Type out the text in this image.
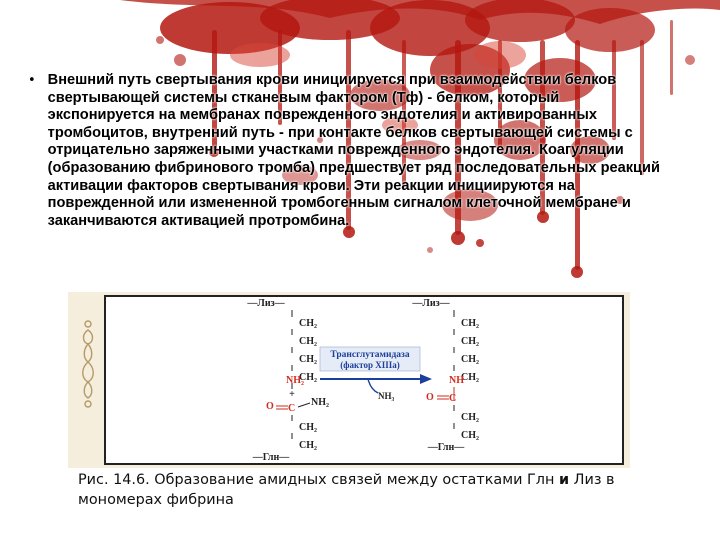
• Внешний путь свертывания крови инициируется при взаимодействии белков свертывающей системы стканевым фактором (Тф) - белком, который экспонируется на мембранах поврежденного эндотелия и активированных тромбоцитов, внутренний путь - при контакте белков свертывающей системы с отрицательно заряженными участками поврежденного эндотелия. Коагуляции (образованию фибринового тромба) предшествует ряд последовательных реакций активации факторов свертывания крови. Эти реакции инициируются на поврежденной или измененной тромбогенным сигналом клеточной мембране и заканчиваются активацией протромбина.
—Лиз—
CH₂
CH₂
CH₂
CH₂
NH₂
+
O C
NH₂
CH₂
CH₂
—Глн—
Трансглутамидаза
(фактор XIIIa)
NH₃
—Лиз—
CH₂
CH₂
CH₂
CH₂
NH
O C
CH₂
CH₂
—Глн—
Рис. 14.6. Образование амидных связей между остатками Глн и Лиз в
мономерах фибрина
